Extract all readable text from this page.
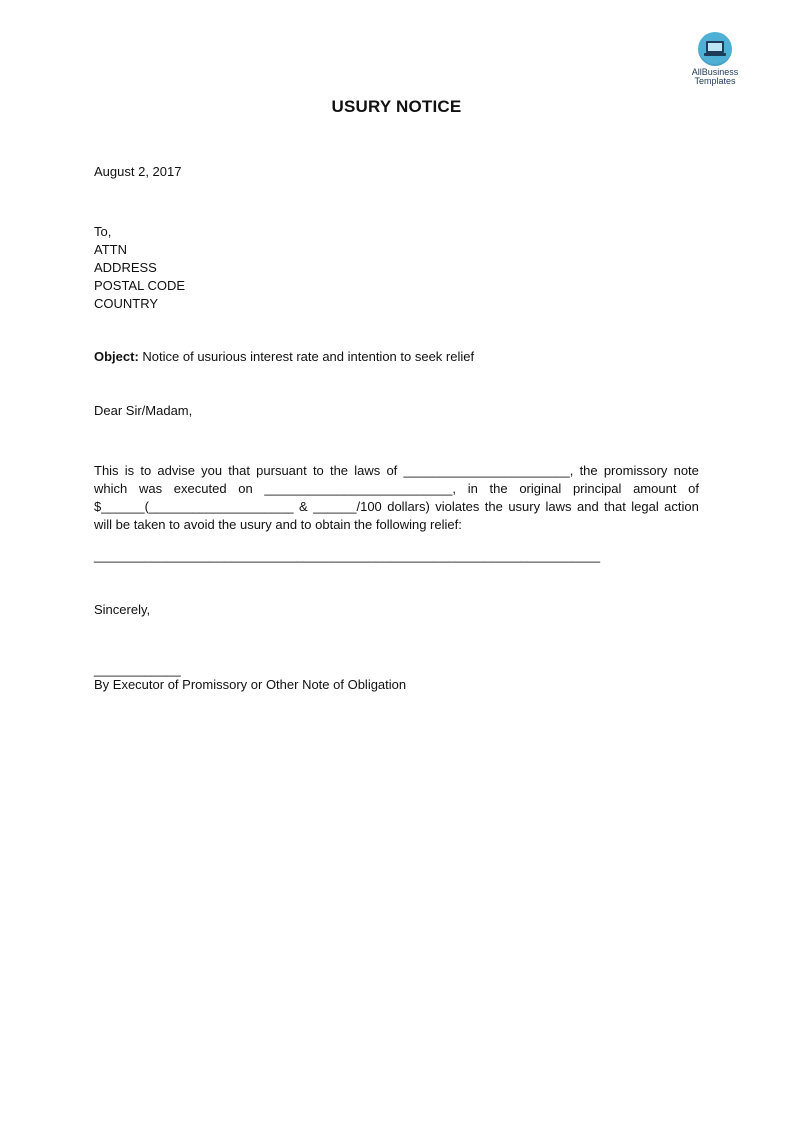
AllBusiness
Templates
USURY NOTICE
August 2, 2017
To,
ATTN
ADDRESS
POSTAL CODE
COUNTRY
Object: Notice of usurious interest rate and intention to seek relief
Dear Sir/Madam,
This is to advise you that pursuant to the laws of _______________________, the promissory note
which was executed on __________________________, in the original principal amount of
$______(____________________ & ______/100 dollars) violates the usury laws and that legal action
will be taken to avoid the usury and to obtain the following relief:
______________________________________________________________________
Sincerely,
____________
By Executor of Promissory or Other Note of Obligation
